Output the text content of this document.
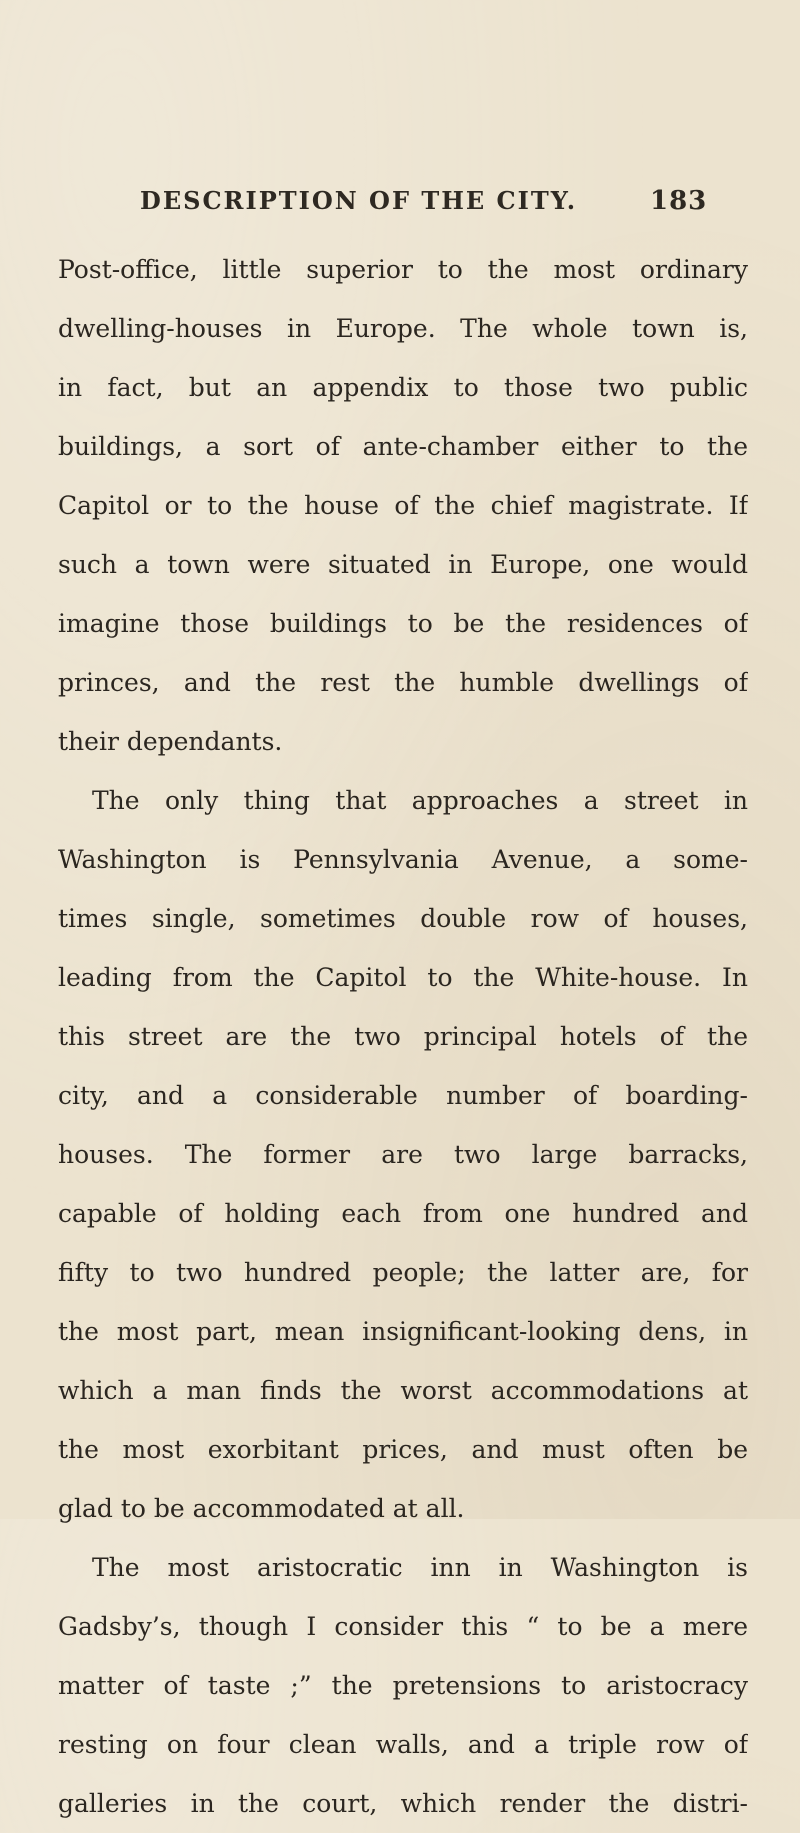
DESCRIPTION OF THE CITY.	183
Post-office, little superior to the most ordinary
dwelling-houses in Europe. The whole town is,
in fact, but an appendix to those two public
buildings, a sort of ante-chamber either to the
Capitol or to the house of the chief magistrate. If
such a town were situated in Europe, one would
imagine those buildings to be the residences of
princes, and the rest the humble dwellings of
their dependants.
The only thing that approaches a street in
Washington is Pennsylvania Avenue, a some-
times single, sometimes double row of houses,
leading from the Capitol to the White-house. In
this street are the two principal hotels of the
city, and a considerable number of boarding-
houses. The former are two large barracks,
capable of holding each from one hundred and
fifty to two hundred people; the latter are, for
the most part, mean insignificant-looking dens, in
which a man finds the worst accommodations at
the most exorbitant prices, and must often be
glad to be accommodated at all.
The most aristocratic inn in Washington is
Gadsby’s, though I consider this “ to be a mere
matter of taste ;” the pretensions to aristocracy
resting on four clean walls, and a triple row of
galleries in the court, which render the distri-
